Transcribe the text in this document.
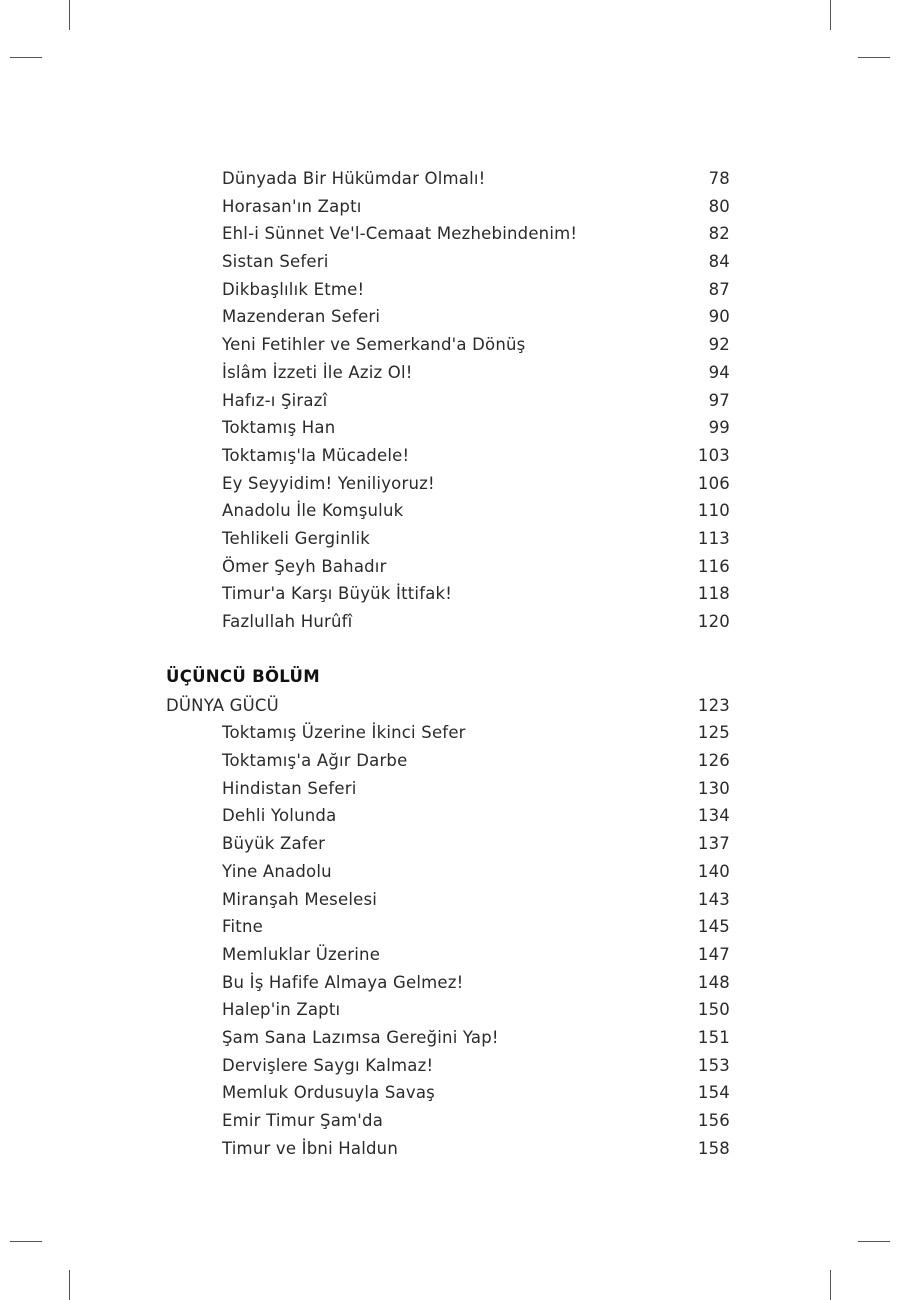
Dünyada Bir Hükümdar Olmalı!	78
Horasan'ın Zaptı	80
Ehl-i Sünnet Ve'l-Cemaat Mezhebindenim!	82
Sistan Seferi	84
Dikbaşlılık Etme!	87
Mazenderan Seferi	90
Yeni Fetihler ve Semerkand'a Dönüş	92
İslâm İzzeti İle Aziz Ol!	94
Hafız-ı Şirazî	97
Toktamış Han	99
Toktamış'la Mücadele!	103
Ey Seyyidim! Yeniliyoruz!	106
Anadolu İle Komşuluk	110
Tehlikeli Gerginlik	113
Ömer Şeyh Bahadır	116
Timur'a Karşı Büyük İttifak!	118
Fazlullah Hurûfî	120
ÜÇÜNCÜ BÖLÜM
DÜNYA GÜCÜ	123
Toktamış Üzerine İkinci Sefer	125
Toktamış'a Ağır Darbe	126
Hindistan Seferi	130
Dehli Yolunda	134
Büyük Zafer	137
Yine Anadolu	140
Miranşah Meselesi	143
Fitne	145
Memluklar Üzerine	147
Bu İş Hafife Almaya Gelmez!	148
Halep'in Zaptı	150
Şam Sana Lazımsa Gereğini Yap!	151
Dervişlere Saygı Kalmaz!	153
Memluk Ordusuyla Savaş	154
Emir Timur Şam'da	156
Timur ve İbni Haldun	158
